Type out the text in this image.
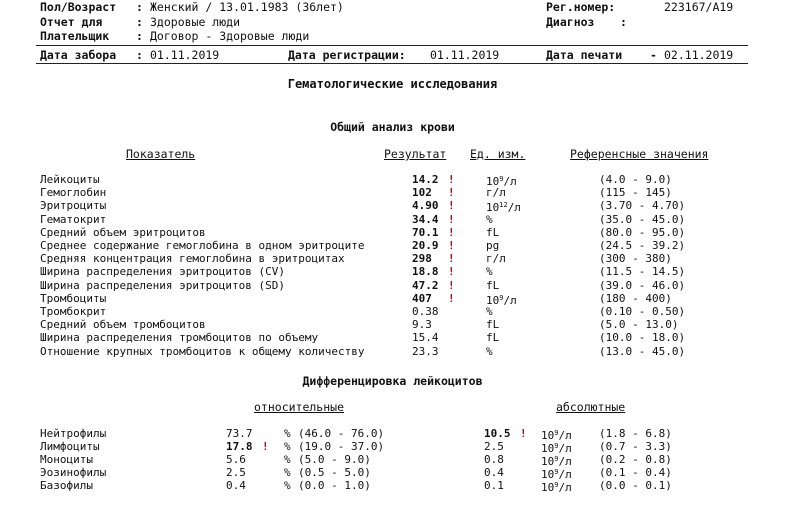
Пол/Возраст : Женский / 13.01.1983 (36лет)	Рег.номер:	223167/A19
Отчет для	: Здоровые люди	Диагноз :
Плательщик : Договор - Здоровые люди
Дата забора : 01.11.2019	Дата регистрации: 01.11.2019	Дата печати - 02.11.2019
Гематологические исследования
Общий анализ крови
Показатель	Результат Ед. изм.	Референсные значения
Лейкоциты	14.2 !	$10^9/л$	(4.0 - 9.0)
Гемоглобин	102 !	г/л	(115 - 145)
Эритроциты	4.90 !	$10^{12}/л$	(3.70 - 4.70)
Гематокрит	34.4 !	%	(35.0 - 45.0)
Средний объем эритроцитов	70.1 !	fL	(80.0 - 95.0)
Среднее содержание гемоглобина в одном эритроците	20.9 !	pg	(24.5 - 39.2)
Средняя концентрация гемоглобина в эритроцитах	298 !	г/л	(300 - 380)
Ширина распределения эритроцитов (CV)	18.8 !	%	(11.5 - 14.5)
Ширина распределения эритроцитов (SD)	47.2 !	fL	(39.0 - 46.0)
Тромбоциты	407 !	$10^9/л$	(180 - 400)
Тромбокрит	0.38	%	(0.10 - 0.50)
Средний объем тромбоцитов	9.3	fL	(5.0 - 13.0)
Ширина распределения тромбоцитов по объему	15.4	fL	(10.0 - 18.0)
Отношение крупных тромбоцитов к общему количеству	23.3	%	(13.0 - 45.0)
Дифференцировка лейкоцитов
относительные	абсолютные
Нейтрофилы	73.7	% (46.0 - 76.0)	10.5 ! $10^9/л$ (1.8 - 6.8)
Лимфоциты	17.8 ! % (19.0 - 37.0)	2.5	$10^9/л$ (0.7 - 3.3)
Моноциты	5.6	% (5.0 - 9.0)	0.8	$10^9/л$ (0.2 - 0.8)
Эозинофилы	2.5	% (0.5 - 5.0)	0.4	$10^9/л$ (0.1 - 0.4)
Базофилы	0.4	% (0.0 - 1.0)	0.1	$10^9/л$ (0.0 - 0.1)
